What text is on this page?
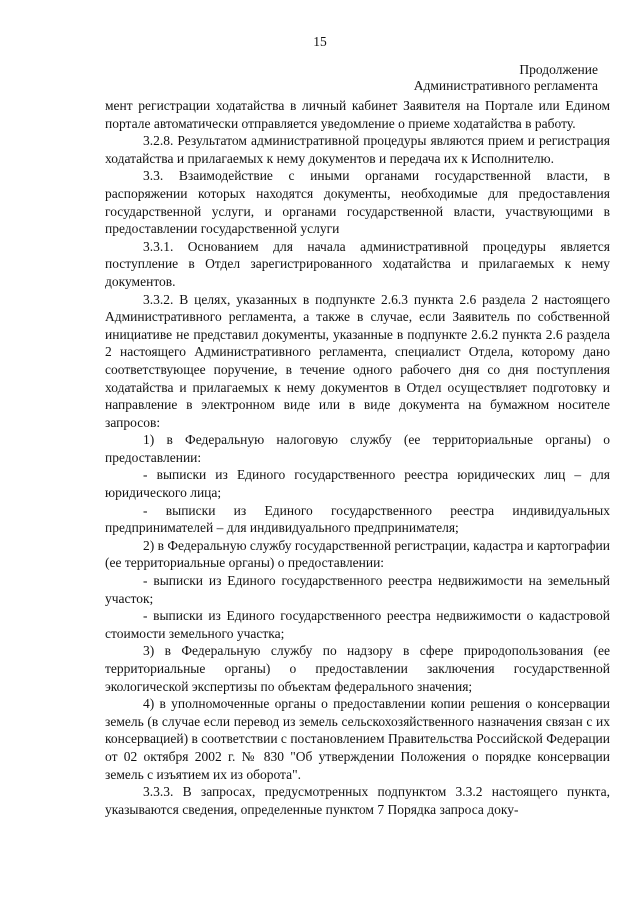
15
Продолжение
Административного регламента

мент регистрации ходатайства в личный кабинет Заявителя на Портале или Едином портале автоматически отправляется уведомление о приеме ходатайства в работу.

3.2.8. Результатом административной процедуры являются прием и регистрация ходатайства и прилагаемых к нему документов и передача их к Исполнителю.

3.3. Взаимодействие с иными органами государственной власти, в распоряжении которых находятся документы, необходимые для предоставления государственной услуги, и органами государственной власти, участвующими в предоставлении государственной услуги

3.3.1. Основанием для начала административной процедуры является поступление в Отдел зарегистрированного ходатайства и прилагаемых к нему документов.

3.3.2. В целях, указанных в подпункте 2.6.3 пункта 2.6 раздела 2 настоящего Административного регламента, а также в случае, если Заявитель по собственной инициативе не представил документы, указанные в подпункте 2.6.2 пункта 2.6 раздела 2 настоящего Административного регламента, специалист Отдела, которому дано соответствующее поручение, в течение одного рабочего дня со дня поступления ходатайства и прилагаемых к нему документов в Отдел осуществляет подготовку и направление в электронном виде или в виде документа на бумажном носителе запросов:

1) в Федеральную налоговую службу (ее территориальные органы) о предоставлении:

- выписки из Единого государственного реестра юридических лиц – для юридического лица;

- выписки из Единого государственного реестра индивидуальных предпринимателей – для индивидуального предпринимателя;

2) в Федеральную службу государственной регистрации, кадастра и картографии (ее территориальные органы) о предоставлении:

- выписки из Единого государственного реестра недвижимости на земельный участок;

- выписки из Единого государственного реестра недвижимости о кадастровой стоимости земельного участка;

3) в Федеральную службу по надзору в сфере природопользования (ее территориальные органы) о предоставлении заключения государственной экологической экспертизы по объектам федерального значения;

4) в уполномоченные органы о предоставлении копии решения о консервации земель (в случае если перевод из земель сельскохозяйственного назначения связан с их консервацией) в соответствии с постановлением Правительства Российской Федерации от 02 октября 2002 г. № 830 "Об утверждении Положения о порядке консервации земель с изъятием их из оборота".

3.3.3. В запросах, предусмотренных подпунктом 3.3.2 настоящего пункта, указываются сведения, определенные пунктом 7 Порядка запроса доку-
